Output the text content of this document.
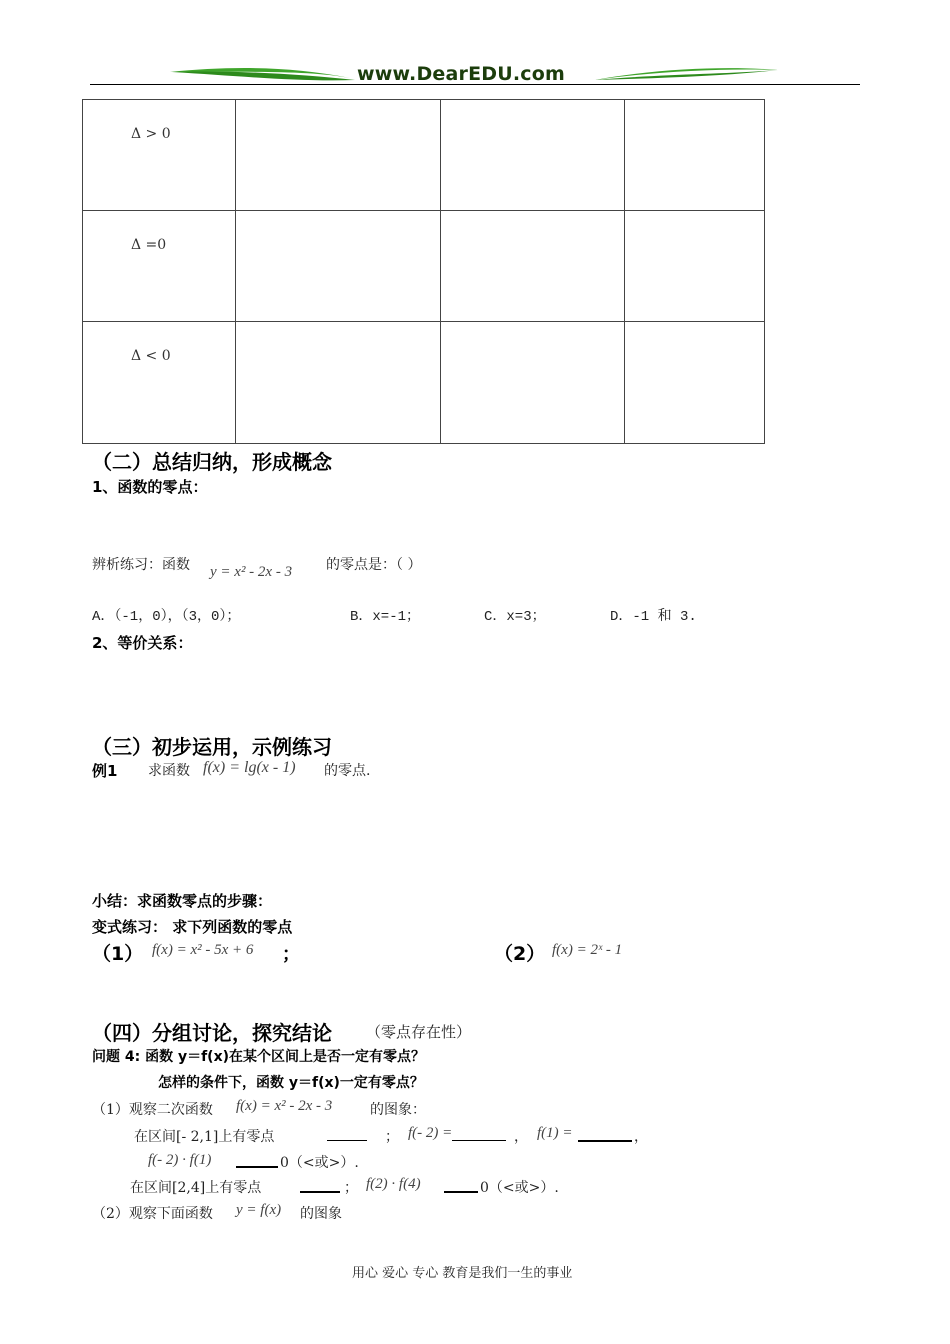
www.DearEDU.com
Δ > 0			
Δ =0			
Δ < 0			
（二）总结归纳，形成概念
1、函数的零点：
辨析练习：函数 y = x² - 2x - 3 的零点是：（ ）
A．（-1，0），（3，0）；	B．x=-1；	C．x=3；	D．-1 和 3.
2、等价关系：
（三）初步运用，示例练习
例1 求函数 f(x) = lg(x - 1) 的零点.
小结：求函数零点的步骤：
变式练习： 求下列函数的零点
（1） f(x) = x² - 5x + 6 ；	（2） f(x) = 2ˣ - 1
（四）分组讨论，探究结论 （零点存在性）
问题 4: 函数 y＝f(x)在某个区间上是否一定有零点？
怎样的条件下，函数 y＝f(x)一定有零点？
（1）观察二次函数 f(x) = x² - 2x - 3	的图象：
在区间[- 2,1]上有零点	； f(- 2) =	， f(1) =	，
f(- 2) · f(1)	0（<或>）.
在区间[2,4]上有零点	； f(2) · f(4)	0（<或>）.
（2）观察下面函数 y = f(x) 的图象
用心 爱心 专心 教育是我们一生的事业
